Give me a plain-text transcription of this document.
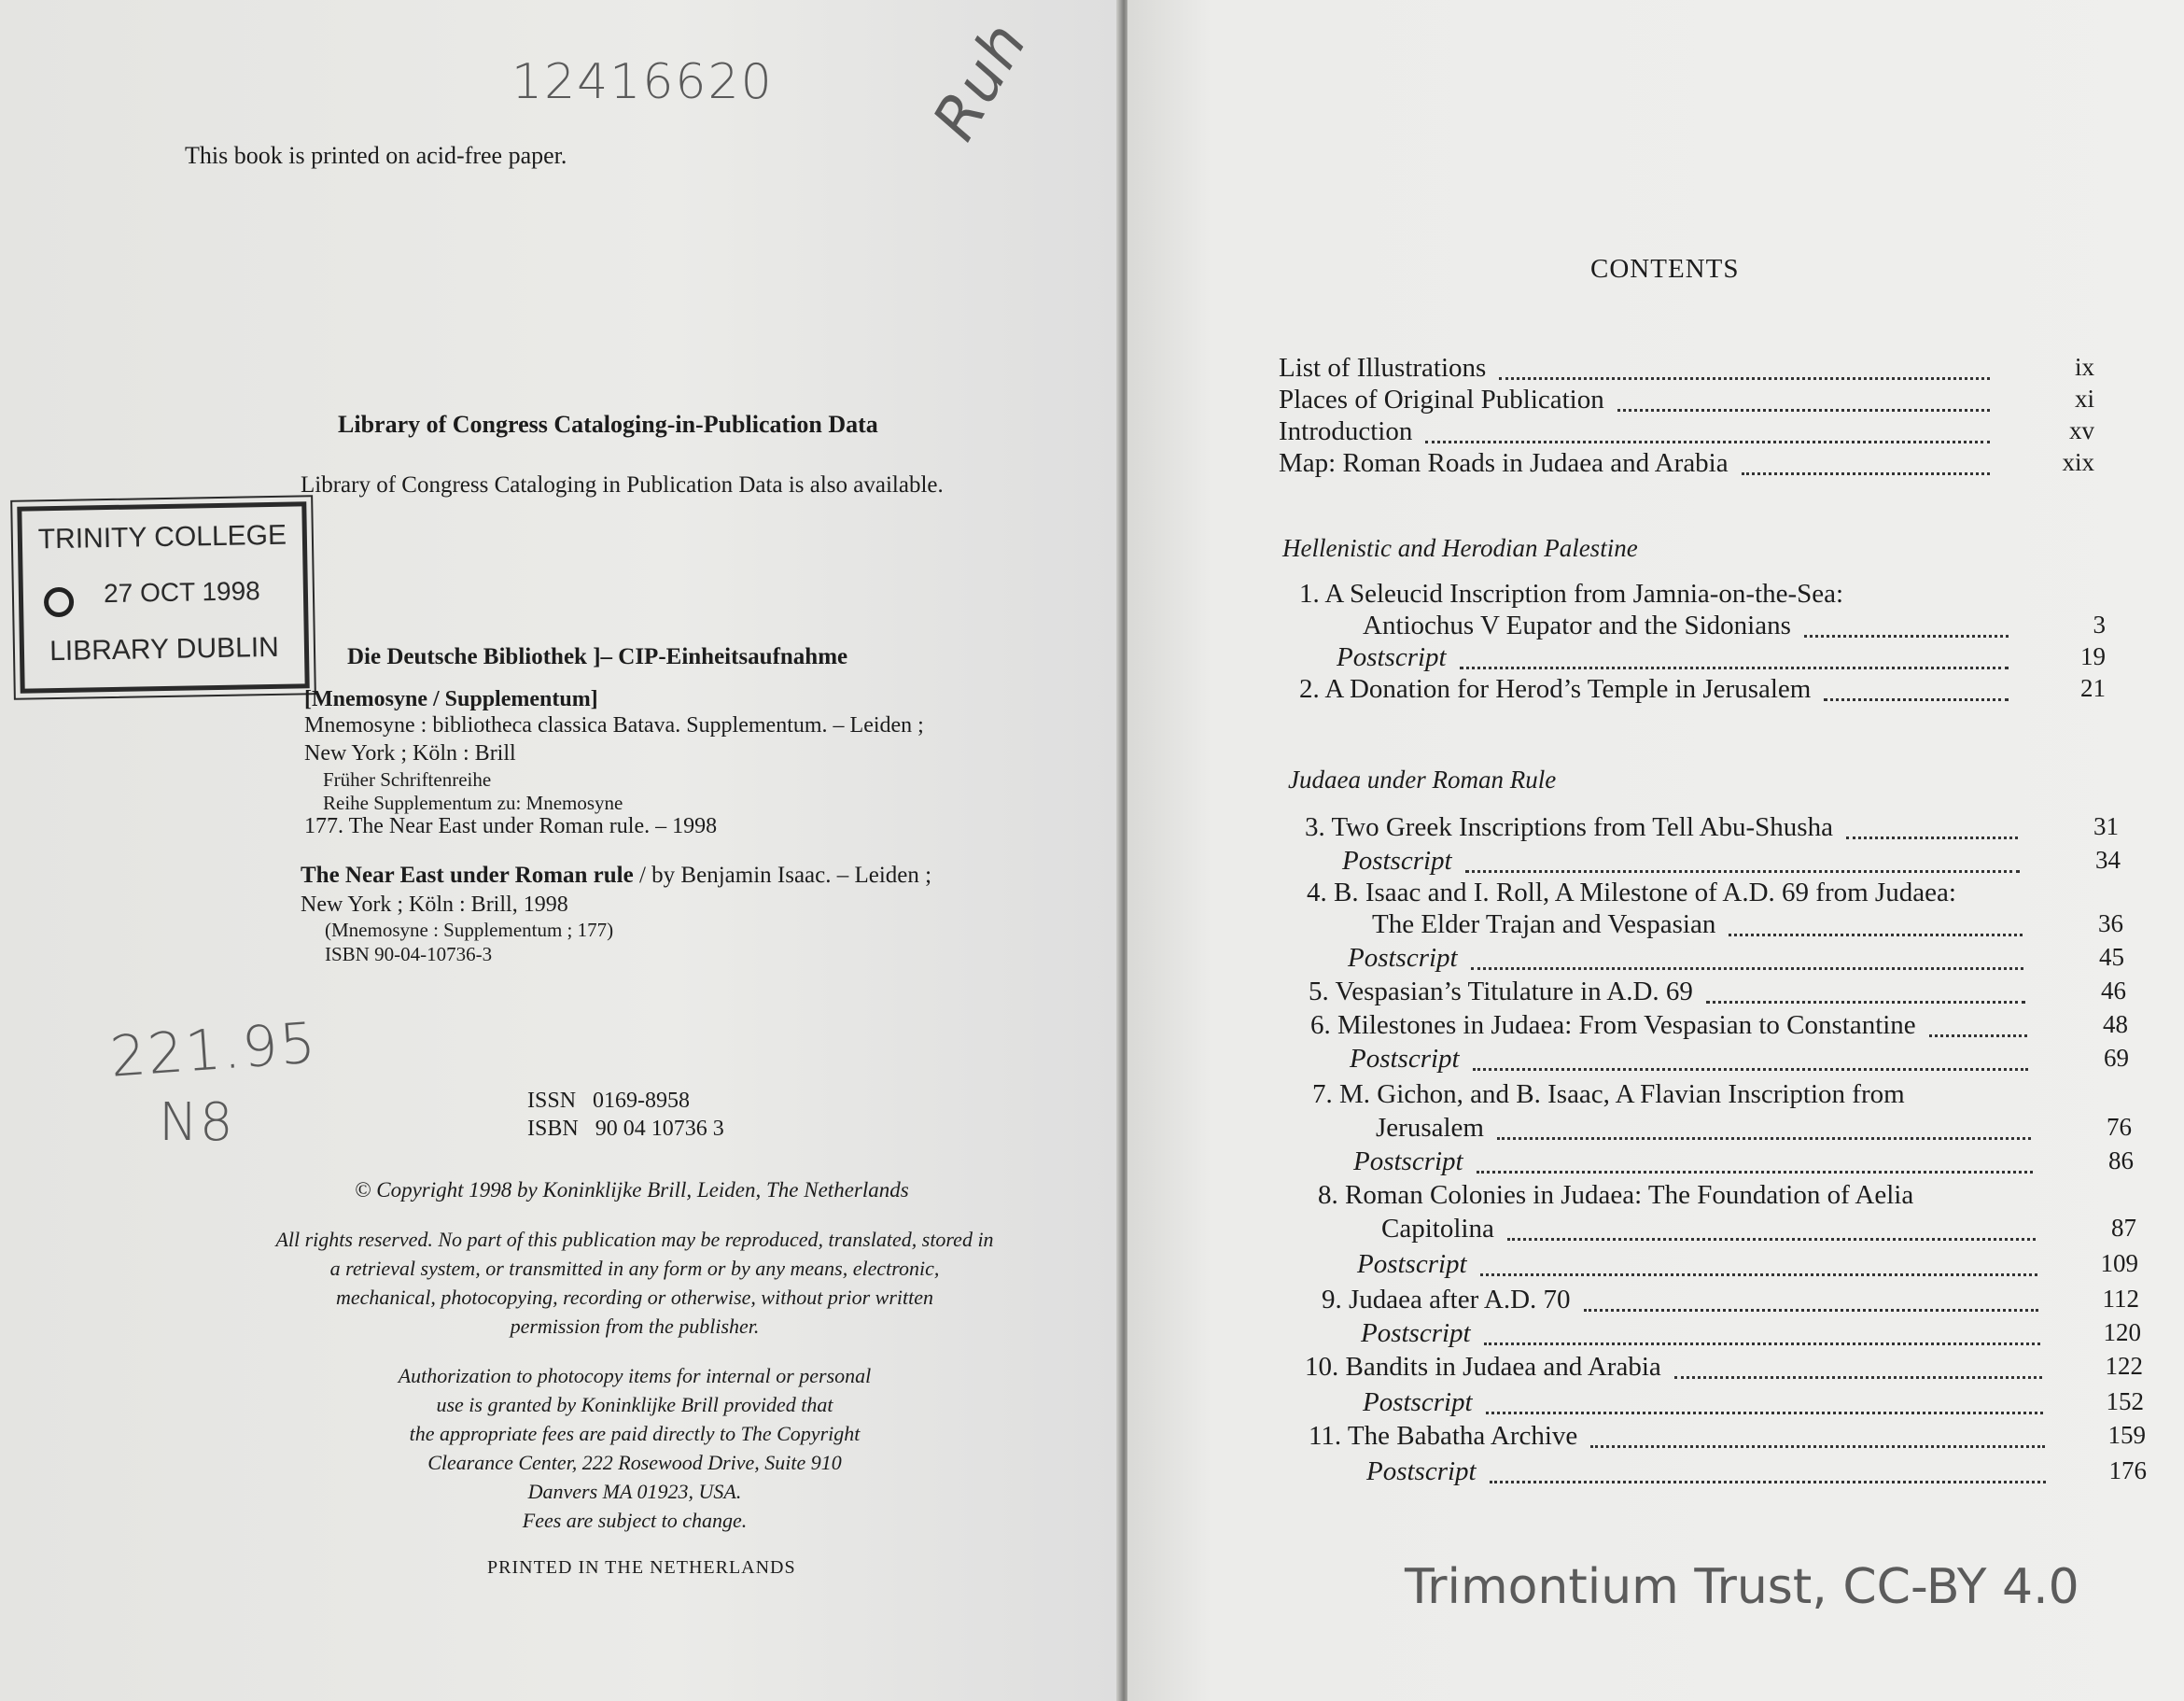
12416620 Ruh
This book is printed on acid-free paper.
Library of Congress Cataloging-in-Publication Data
Library of Congress Cataloging in Publication Data is also available.
TRINITY COLLEGE
27 OCT 1998
LIBRARY DUBLIN	Die Deutsche Bibliothek ]– CIP-Einheitsaufnahme
[Mnemosyne / Supplementum]
Mnemosyne : bibliotheca classica Batava. Supplementum. – Leiden ;
New York ; Köln : Brill
Früher Schriftenreihe
Reihe Supplementum zu: Mnemosyne
177. The Near East under Roman rule. – 1998
The Near East under Roman rule / by Benjamin Isaac. – Leiden ;
New York ; Köln : Brill, 1998
(Mnemosyne : Supplementum ; 177)
ISBN 90-04-10736-3
221.95
N8	ISSN 0169-8958
ISBN 90 04 10736 3
© Copyright 1998 by Koninklijke Brill, Leiden, The Netherlands
All rights reserved. No part of this publication may be reproduced, translated, stored in
a retrieval system, or transmitted in any form or by any means, electronic,
mechanical, photocopying, recording or otherwise, without prior written
permission from the publisher.
Authorization to photocopy items for internal or personal
use is granted by Koninklijke Brill provided that
the appropriate fees are paid directly to The Copyright
Clearance Center, 222 Rosewood Drive, Suite 910
Danvers MA 01923, USA.
Fees are subject to change.
PRINTED IN THE NETHERLANDS
CONTENTS
List of Illustrations	ix
Places of Original Publication	xi
Introduction	xv
Map: Roman Roads in Judaea and Arabia	xix
1. A Seleucid Inscription from Jamnia-on-the-Sea:
Antiochus V Eupator and the Sidonians	3
Postscript	19
2. A Donation for Herod’s Temple in Jerusalem	21
3. Two Greek Inscriptions from Tell Abu-Shusha	31
Postscript	34
4. B. Isaac and I. Roll, A Milestone of A.D. 69 from Judaea:
The Elder Trajan and Vespasian	36
Postscript	45
5. Vespasian’s Titulature in A.D. 69	46
6. Milestones in Judaea: From Vespasian to Constantine	48
Postscript	69
7. M. Gichon, and B. Isaac, A Flavian Inscription from
Jerusalem	76
Postscript	86
8. Roman Colonies in Judaea: The Foundation of Aelia
Capitolina	87
Postscript	109
9. Judaea after A.D. 70	112
Postscript	120
10. Bandits in Judaea and Arabia	122
Postscript	152
11. The Babatha Archive	159
Postscript	176
Hellenistic and Herodian Palestine
Judaea under Roman Rule
Trimontium Trust, CC-BY 4.0
